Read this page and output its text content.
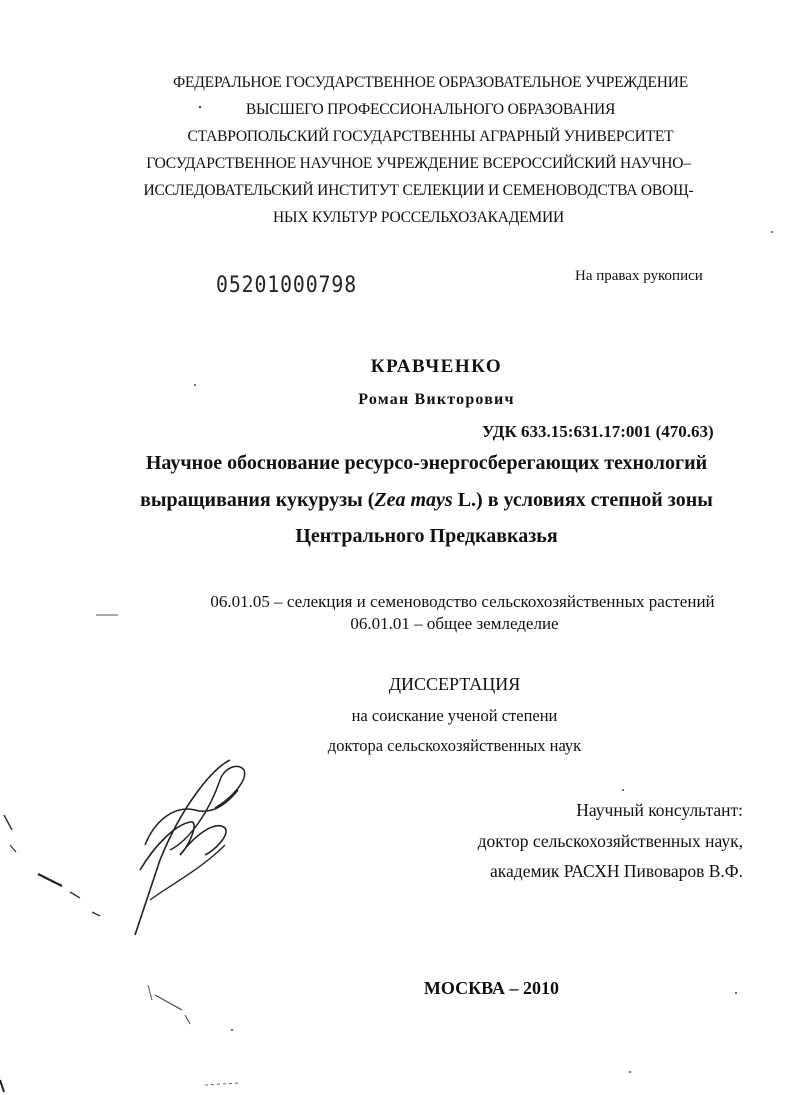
ФЕДЕРАЛЬНОЕ ГОСУДАРСТВЕННОЕ ОБРАЗОВАТЕЛЬНОЕ УЧРЕЖДЕНИЕ
ВЫСШЕГО ПРОФЕССИОНАЛЬНОГО ОБРАЗОВАНИЯ
СТАВРОПОЛЬСКИЙ ГОСУДАРСТВЕННЫ АГРАРНЫЙ УНИВЕРСИТЕТ
ГОСУДАРСТВЕННОЕ НАУЧНОЕ УЧРЕЖДЕНИЕ ВСЕРОССИЙСКИЙ НАУЧНО–
ИССЛЕДОВАТЕЛЬСКИЙ ИНСТИТУТ СЕЛЕКЦИИ И СЕМЕНОВОДСТВА ОВОЩ-
НЫХ КУЛЬТУР РОССЕЛЬХОЗАКАДЕМИИ
05201000798	На правах рукописи
КРАВЧЕНКО
Роман Викторович
УДК 633.15:631.17:001 (470.63)
Научное обоснование ресурсо-энергосберегающих технологий
выращивания кукурузы (Zea mays L.) в условиях степной зоны
Центрального Предкавказья
06.01.05 – селекция и семеноводство сельскохозяйственных растений
06.01.01 – общее земледелие
ДИССЕРТАЦИЯ
на соискание ученой степени
доктора сельскохозяйственных наук
Научный консультант:
доктор сельскохозяйственных наук,
академик РАСХН Пивоваров В.Ф.
МОСКВА – 2010
